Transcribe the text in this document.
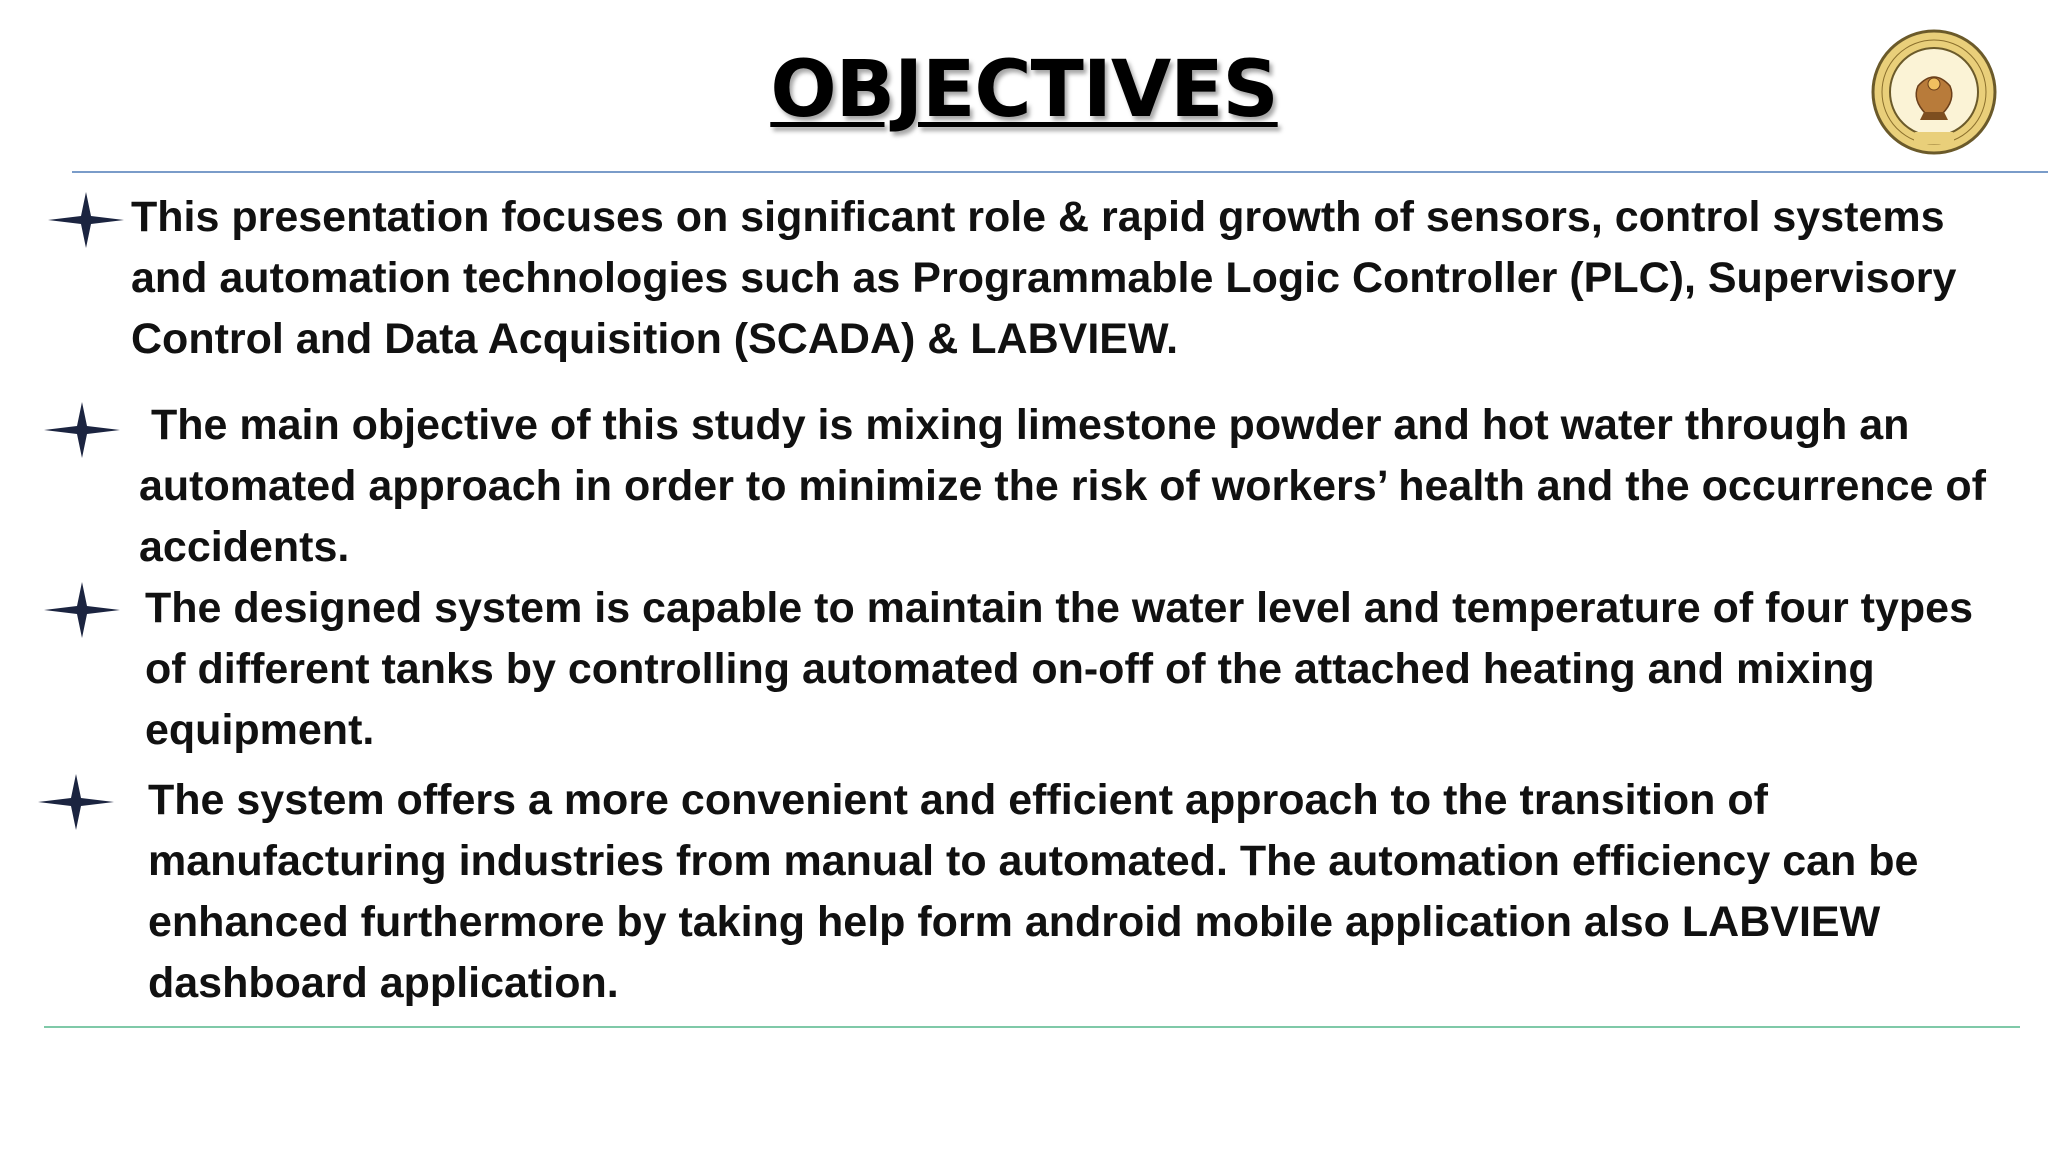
OBJECTIVES

This presentation focuses on significant role & rapid growth of sensors, control systems and automation technologies such as Programmable Logic Controller (PLC), Supervisory Control and Data Acquisition (SCADA) & LABVIEW.

The main objective of this study is mixing limestone powder and hot water through an automated approach in order to minimize the risk of workers’ health and the occurrence of accidents.

The designed system is capable to maintain the water level and temperature of four types of different tanks by controlling automated on-off of the attached heating and mixing equipment.

The system offers a more convenient and efficient approach to the transition of manufacturing industries from manual to automated. The automation efficiency can be enhanced furthermore by taking help form android mobile application also LABVIEW dashboard application.
